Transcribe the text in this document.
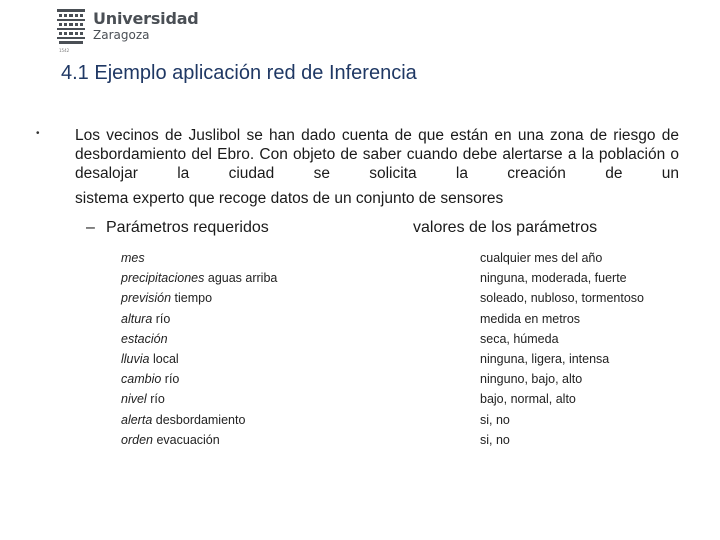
Universidad
Zaragoza
1542
4.1 Ejemplo aplicación red de Inferencia
• Los vecinos de Juslibol se han dado cuenta de que están en una zona de riesgo de desbordamiento del Ebro. Con objeto de saber cuando debe alertarse a la población o desalojar la ciudad se solicita la creación de un

sistema experto que recoge datos de un conjunto de sensores

– Parámetros requeridos	valores de los parámetros
mes
precipitaciones aguas arriba
previsión tiempo
altura río
estación
lluvia local
cambio río
nivel río
alerta desbordamiento
orden evacuación
cualquier mes del año
ninguna, moderada, fuerte
soleado, nubloso, tormentoso
medida en metros
seca, húmeda
ninguna, ligera, intensa
ninguno, bajo, alto
bajo, normal, alto
si, no
si, no
